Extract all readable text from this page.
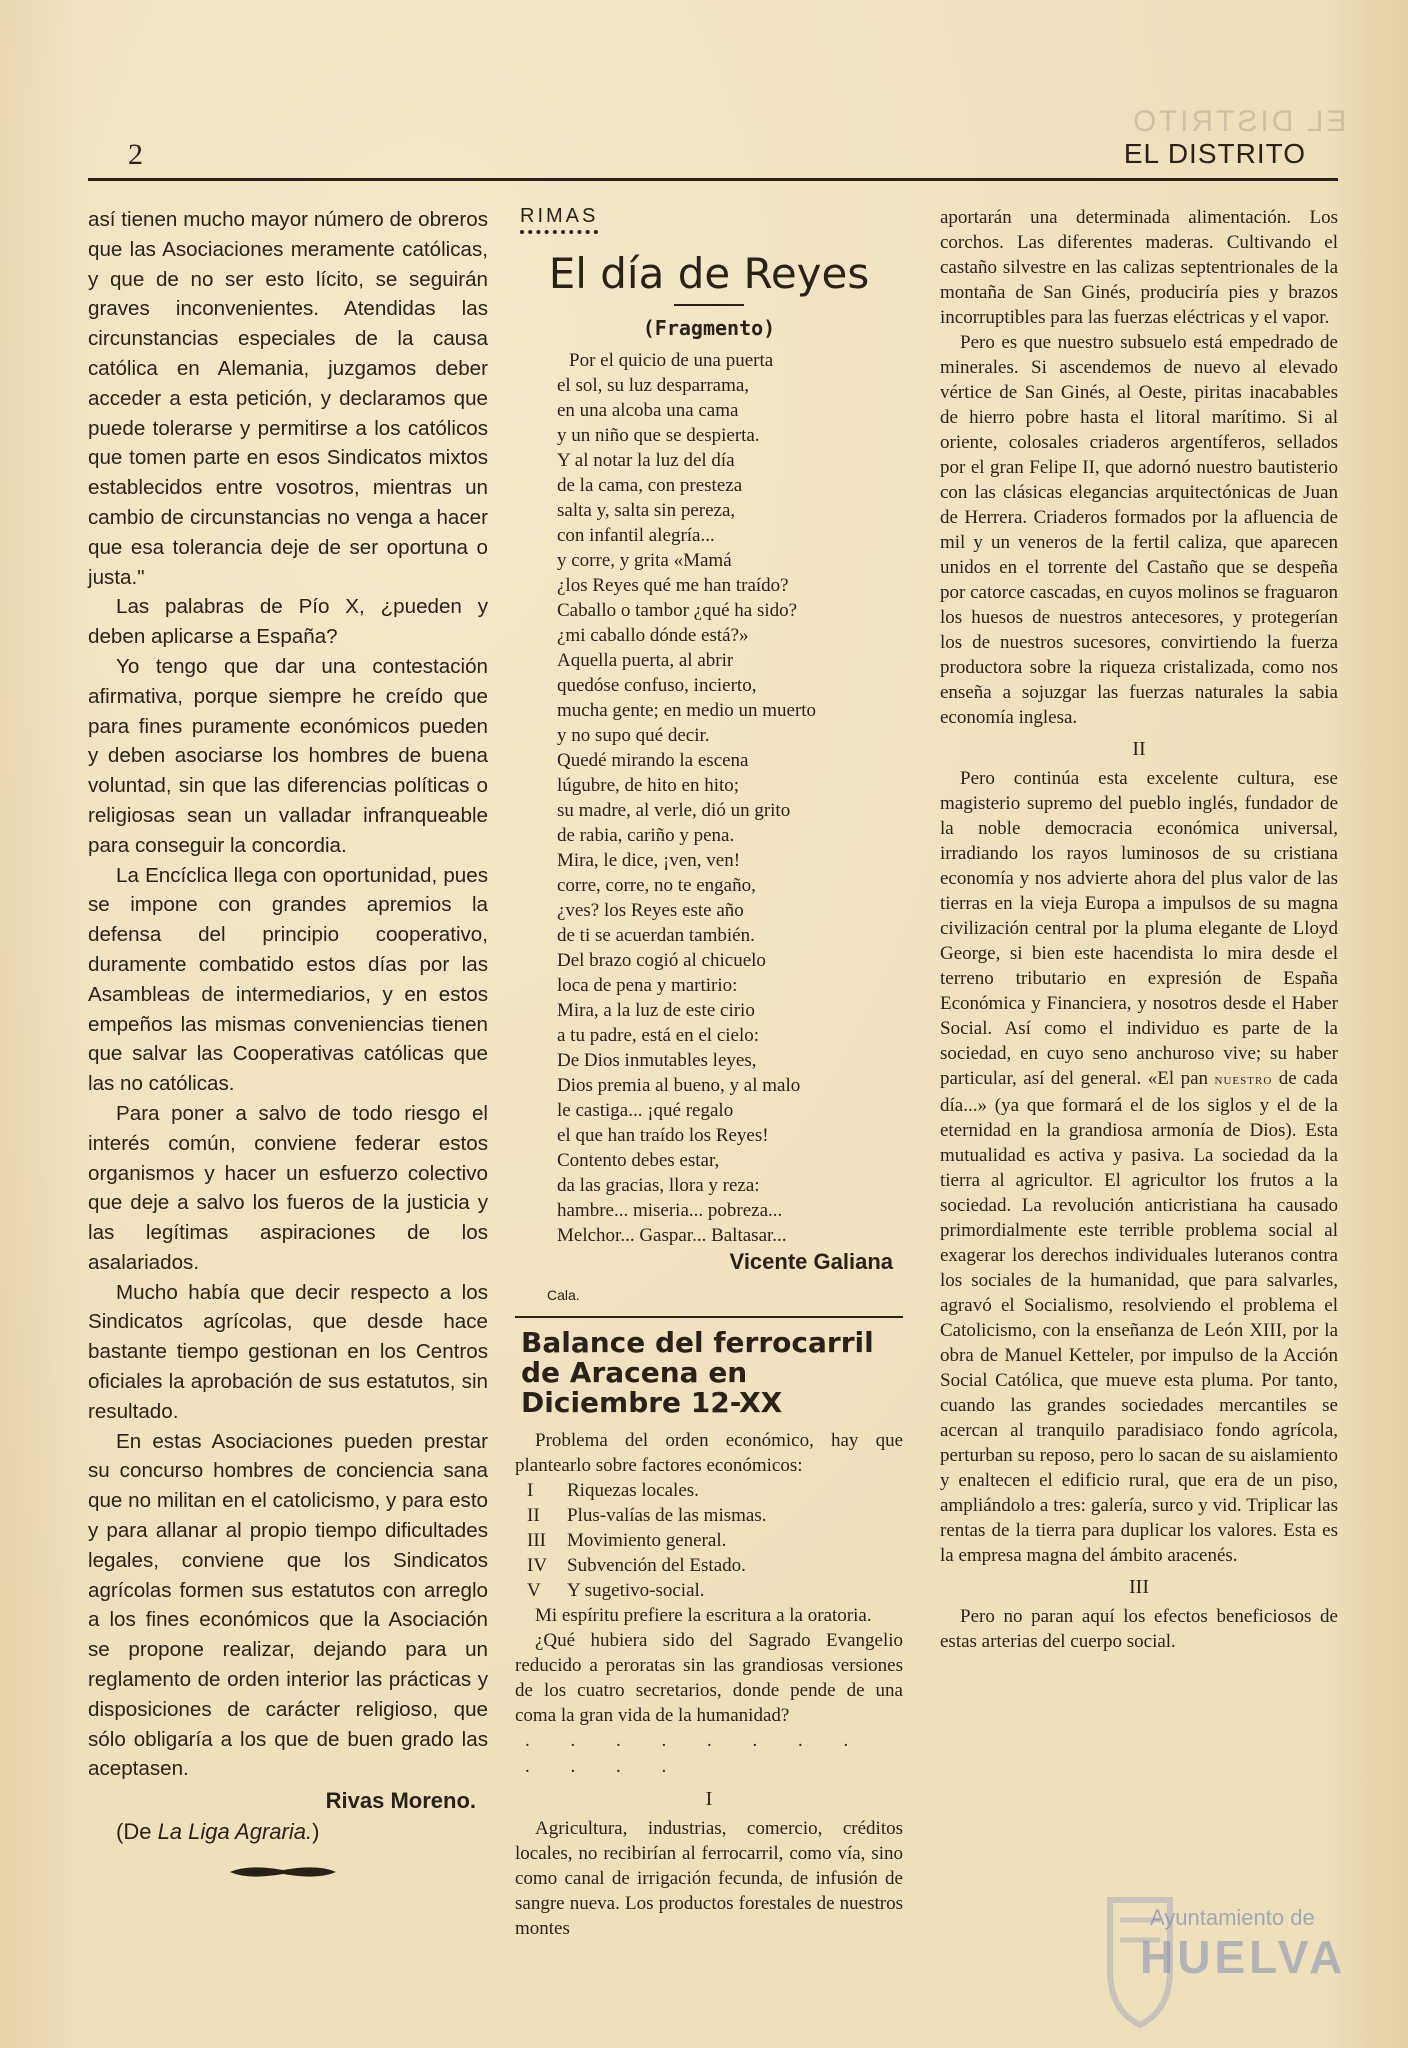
EL DISTRITO
2	EL DISTRITO

así tienen mucho mayor número de obreros que las Asociaciones meramente católicas, y que de no ser esto lícito, se seguirán graves inconvenientes. Atendidas las circunstancias especiales de la causa católica en Alemania, juzgamos deber acceder a esta petición, y declaramos que puede tolerarse y permitirse a los católicos que tomen parte en esos Sindicatos mixtos establecidos entre vosotros, mientras un cambio de circunstancias no venga a hacer que esa tolerancia deje de ser oportuna o justa."

Las palabras de Pío X, ¿pueden y deben aplicarse a España?

Yo tengo que dar una contestación afirmativa, porque siempre he creído que para fines puramente económicos pueden y deben asociarse los hombres de buena voluntad, sin que las diferencias políticas o religiosas sean un valladar infranqueable para conseguir la concordia.

La Encíclica llega con oportunidad, pues se impone con grandes apremios la defensa del principio cooperativo, duramente combatido estos días por las Asambleas de intermediarios, y en estos empeños las mismas conveniencias tienen que salvar las Cooperativas católicas que las no católicas.

Para poner a salvo de todo riesgo el interés común, conviene federar estos organismos y hacer un esfuerzo colectivo que deje a salvo los fueros de la justicia y las legítimas aspiraciones de los asalariados.

Mucho había que decir respecto a los Sindicatos agrícolas, que desde hace bastante tiempo gestionan en los Centros oficiales la aprobación de sus estatutos, sin resultado.

En estas Asociaciones pueden prestar su concurso hombres de conciencia sana que no militan en el catolicismo, y para esto y para allanar al propio tiempo dificultades legales, conviene que los Sindicatos agrícolas formen sus estatutos con arreglo a los fines económicos que la Asociación se propone realizar, dejando para un reglamento de orden interior las prácticas y disposiciones de carácter religioso, que sólo obligaría a los que de buen grado las aceptasen.

Rivas Moreno.
(De La Liga Agraria.)
RIMAS
El día de Reyes
(Fragmento)
Por el quicio de una puerta
el sol, su luz desparrama,
en una alcoba una cama
y un niño que se despierta.
Y al notar la luz del día
de la cama, con presteza
salta y, salta sin pereza,
con infantil alegría...
y corre, y grita «Mamá
¿los Reyes qué me han traído?
Caballo o tambor ¿qué ha sido?
¿mi caballo dónde está?»
Aquella puerta, al abrir
quedóse confuso, incierto,
mucha gente; en medio un muerto
y no supo qué decir.
Quedé mirando la escena
lúgubre, de hito en hito;
su madre, al verle, dió un grito
de rabia, cariño y pena.
Mira, le dice, ¡ven, ven!
corre, corre, no te engaño,
¿ves? los Reyes este año
de ti se acuerdan también.
Del brazo cogió al chicuelo
loca de pena y martirio:
Mira, a la luz de este cirio
a tu padre, está en el cielo:
De Dios inmutables leyes,
Dios premia al bueno, y al malo
le castiga... ¡qué regalo
el que han traído los Reyes!
Contento debes estar,
da las gracias, llora y reza:
hambre... miseria... pobreza...
Melchor... Gaspar... Baltasar...
Vicente Galiana
Cala.
Balance del ferrocarril de Aracena en Diciembre 12-XX

Problema del orden económico, hay que plantearlo sobre factores económicos:

I Riquezas locales.
II Plus-valías de las mismas.
III Movimiento general.
IV Subvención del Estado.
V Y sugetivo-social.

Mi espíritu prefiere la escritura a la oratoria.

¿Qué hubiera sido del Sagrado Evangelio reducido a peroratas sin las grandiosas versiones de los cuatro secretarios, donde pende de una coma la gran vida de la humanidad?

. . . . . . . . . . . .
I

Agricultura, industrias, comercio, créditos locales, no recibirían al ferrocarril, como vía, sino como canal de irrigación fecunda, de infusión de sangre nueva. Los productos forestales de nuestros montes

aportarán una determinada alimentación. Los corchos. Las diferentes maderas. Cultivando el castaño silvestre en las calizas septentrionales de la montaña de San Ginés, produciría pies y brazos incorruptibles para las fuerzas eléctricas y el vapor.

Pero es que nuestro subsuelo está empedrado de minerales. Si ascendemos de nuevo al elevado vértice de San Ginés, al Oeste, piritas inacabables de hierro pobre hasta el litoral marítimo. Si al oriente, colosales criaderos argentíferos, sellados por el gran Felipe II, que adornó nuestro bautisterio con las clásicas elegancias arquitectónicas de Juan de Herrera. Criaderos formados por la afluencia de mil y un veneros de la fertil caliza, que aparecen unidos en el torrente del Castaño que se despeña por catorce cascadas, en cuyos molinos se fraguaron los huesos de nuestros antecesores, y protegerían los de nuestros sucesores, convirtiendo la fuerza productora sobre la riqueza cristalizada, como nos enseña a sojuzgar las fuerzas naturales la sabia economía inglesa.

II

Pero continúa esta excelente cultura, ese magisterio supremo del pueblo inglés, fundador de la noble democracia económica universal, irradiando los rayos luminosos de su cristiana economía y nos advierte ahora del plus valor de las tierras en la vieja Europa a impulsos de su magna civilización central por la pluma elegante de Lloyd George, si bien este hacendista lo mira desde el terreno tributario en expresión de España Económica y Financiera, y nosotros desde el Haber Social. Así como el individuo es parte de la sociedad, en cuyo seno anchuroso vive; su haber particular, así del general. «El pan nuestro de cada día...» (ya que formará el de los siglos y el de la eternidad en la grandiosa armonía de Dios). Esta mutualidad es activa y pasiva. La sociedad da la tierra al agricultor. El agricultor los frutos a la sociedad. La revolución anticristiana ha causado primordialmente este terrible problema social al exagerar los derechos individuales luteranos contra los sociales de la humanidad, que para salvarles, agravó el Socialismo, resolviendo el problema el Catolicismo, con la enseñanza de León XIII, por la obra de Manuel Ketteler, por impulso de la Acción Social Católica, que mueve esta pluma. Por tanto, cuando las grandes sociedades mercantiles se acercan al tranquilo paradisiaco fondo agrícola, perturban su reposo, pero lo sacan de su aislamiento y enaltecen el edificio rural, que era de un piso, ampliándolo a tres: galería, surco y vid. Triplicar las rentas de la tierra para duplicar los valores. Esta es la empresa magna del ámbito aracenés.

III

Pero no paran aquí los efectos beneficiosos de estas arterias del cuerpo social.

Ayuntamiento de
HUELVA
